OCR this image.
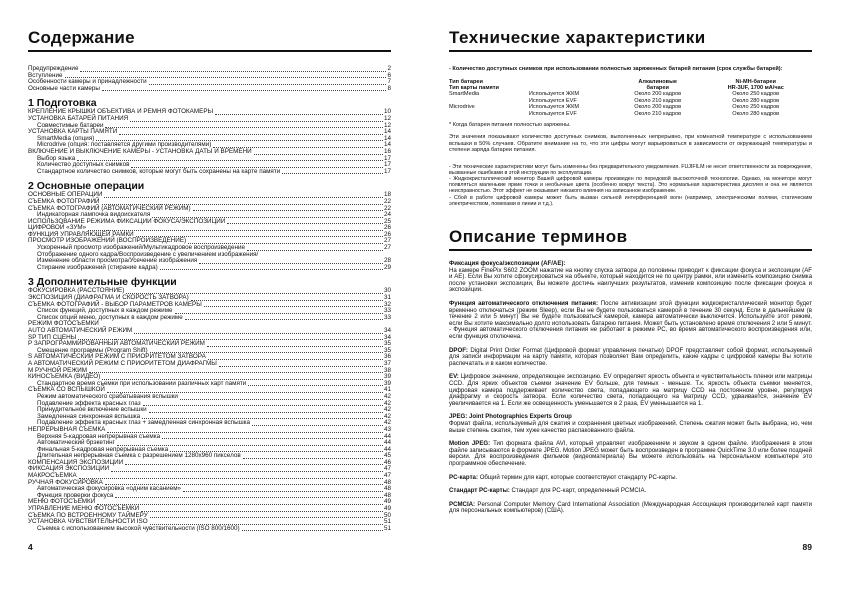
Содержание
Предупреждение	2
Вступление	6
Особенности камеры и принадлежности	7
Основные части камеры	8
1 Подготовка
КРЕПЛЕНИЕ КРЫШКИ ОБЪЕКТИВА И РЕМНЯ ФОТОКАМЕРЫ	10
УСТАНОВКА БАТАРЕЙ ПИТАНИЯ	12
Совместимые батареи	12
УСТАНОВКА КАРТЫ ПАМЯТИ	14
SmartMedia (опция)	14
Microdrive (опция: поставляется другими производителями)	14
ВКЛЮЧЕНИЕ И ВЫКЛЮЧЕНИЕ КАМЕРЫ - УСТАНОВКА ДАТЫ И ВРЕМЕНИ	16
Выбор языка	17
Количество доступных снимков	17
Стандартное количество снимков, которые могут быть сохранены на карте памяти	17
2 Основные операции
ОСНОВНЫЕ ОПЕРАЦИИ	18
СЪЕМКА ФОТОГРАФИЙ	22
СЪЕМКА ФОТОГРАФИЙ (АВТОМАТИЧЕСКИЙ РЕЖИМ)	22
Индикаторная лампочка видоискателя	24
ИСПОЛЬЗОВАНИЕ РЕЖИМА ФИКСАЦИИ ФОКУСА/ЭКСПОЗИЦИИ	25
ЦИФРОВОЙ «ЗУМ»	26
ФУНКЦИЯ УПРАВЛЯЮЩЕЙ РАМКИ	26
ПРОСМОТР ИЗОБРАЖЕНИЙ (ВОСПРОИЗВЕДЕНИЕ)	27
Ускоренный просмотр изображений/Мультикадровое воспроизведение	27
Отображение одного кадра/Воспроизведение с увеличением изображения/
Изменение области просмотра/Усечение изображения	28
Стирание изображений (стирание кадра)	29
3 Дополнительные функции
ФОКУСИРОВКА (РАССТОЯНИЕ)	30
ЭКСПОЗИЦИЯ (ДИАФРАГМА И СКОРОСТЬ ЗАТВОРА)	31
СЪЕМКА ФОТОГРАФИЙ - ВЫБОР ПАРАМЕТРОВ КАМЕРЫ	32
Список функций, доступных в каждом режиме	33
Список опций меню, доступных в каждом режиме	33
РЕЖИМ ФОТОСЪЕМКИ
AUTO АВТОМАТИЧЕСКИЙ РЕЖИМ	34
SP ТИП СЦЕНЫ	34
P ЗАПРОГРАММИРОВАННЫЙ АВТОМАТИЧЕСКИЙ РЕЖИМ	35
Смещение программы (Program Shift)	35
S АВТОМАТИЧЕСКИЙ РЕЖИМ С ПРИОРИТЕТОМ ЗАТВОРА	36
A АВТОМАТИЧЕСКИЙ РЕЖИМ С ПРИОРИТЕТОМ ДИАФРАГМЫ	37
M РУЧНОЙ РЕЖИМ	38
КИНОСЪЕМКА (ВИДЕО)	39
Стандартное время съемки при использовании различных карт памяти	39
СЪЕМКА СО ВСПЫШКОЙ	41
Режим автоматического срабатывания вспышки	42
Подавление эффекта красных глаз	42
Принудительное включение вспышки	42
Замедленная синхронная вспышка	42
Подавление эффекта красных глаз + замедленная синхронная вспышка	42
НЕПРЕРЫВНАЯ СЪЕМКА	43
Верхняя 5-кадровая непрерывная съемка	44
Автоматический брэкетинг	44
Финальная 5-кадровая непрерывная съемка	44
Длительная непрерывная съемка с разрешением 1280х960 пикселов	45
КОМПЕНСАЦИЯ ЭКСПОЗИЦИИ	46
ФИКСАЦИЯ ЭКСПОЗИЦИИ	47
МАКРОСЪЕМКА	47
РУЧНАЯ ФОКУСИРОВКА	48
Автоматическая фокусировка «одним касанием»	48
Функция проверки фокуса	48
МЕНЮ ФОТОСЪЕМКИ	49
УПРАВЛЕНИЕ МЕНЮ ФОТОСЪЕМКИ	49
СЪЕМКА ПО ВСТРОЕННОМУ ТАЙМЕРУ	50
УСТАНОВКА ЧУВСТВИТЕЛЬНОСТИ ISO	51
Съемка с использованием высокой чувствительности (ISO 800/1600)	51
4
Технические характеристики
- Количество доступных снимков при использовании полностью заряженных батарей питания (срок службы батарей):
Тип батареи		Алкалиновые	Ni-MH-батареи
Тип карты памяти		батареи	HR-3UF, 1700 мА/час
SmartMedia	Используется ЖКМ	Около 200 кадров	Около 250 кадров
	Используется EVF	Около 210 кадров	Около 280 кадров
Microdrive	Используется ЖКМ	Около 200 кадров	Около 250 кадров
	Используется EVF	Около 210 кадров	Около 280 кадров
* Когда батареи питания полностью заряжены.
Эти значения показывают количество доступных снимков, выполненных непрерывно, при комнатной температуре с использованием вспышки в 50% случаев. Обратите внимание на то, что эти цифры могут варьироваться в зависимости от окружающей температуры и степени заряда батареи питания.
- Эти технические характеристики могут быть изменены без предварительного уведомления. FUJIFILM не несет ответственности за повреждения, вызванные ошибками в этой инструкции по эксплуатации.
- Жидкокристаллический монитор Вашей цифровой камеры произведен по передовой высокоточной технологии. Однако, на мониторе могут появляться маленькие яркие точки и необычные цвета (особенно вокруг текста). Это нормальная характеристика дисплея и она не является неисправностью. Этот эффект не оказывает никакого влияния на записанное изображение.
- Сбой в работе цифровой камеры может быть вызван сильной интерференцией волн (например, электрическими полями, статическим электричеством, помехами в линии и т.д.).
Описание терминов
Фиксация фокуса/экспозиции (AF/AE):
На камере FinePix S602 ZOOM нажатие на кнопку спуска затвора до половины приводит к фиксации фокуса и экспозиции (AF и AE). Если Вы хотите сфокусироваться на объекте, который находится не по центру рамки, или изменить композицию снимка после установки экспозиции, Вы можете достичь наилучших результатов, изменив композицию после фиксации фокуса и экспозиции.
Функция автоматического отключения питания: После активизации этой функции жидкокристаллический монитор будет временно отключаться (режим Sleep), если Вы не будете пользоваться камерой в течение 30 секунд. Если в дальнейшем (в течение 2 или 5 минут) Вы не будете пользоваться камерой, камера автоматически выключится. Используйте этот режим, если Вы хотите максимально долго использовать батарею питания. Может быть установлено время отключения 2 или 5 минут. - Функция автоматического отключения питания не работает в режиме PC, во время автоматического воспроизведения или, если функция отключена.
DPOF: Digital Print Order Format (Цифровой формат управления печатью) DPOF представляет собой формат, используемый для записи информации на карту памяти, которая позволяет Вам определить, какие кадры с цифровой камеры Вы хотите распечатать и в каком количестве.
EV: Цифровое значение, определяющее экспозицию. EV определяет яркость объекта и чувствительность пленки или матрицы CCD. Для ярких объектов съемки значение EV больше, для темных - меньше. Т.к. яркость объекта съемки меняется, цифровая камера поддерживает количество света, попадающего на матрицу CCD на постоянном уровне, регулируя диафрагму и скорость затвора. Если количество света, попадающего на матрицу CCD, удваивается, значение EV увеличивается на 1. Если же освещенность уменьшается в 2 раза, EV уменьшается на 1.
JPEG: Joint Photographics Experts Group
Формат файла, используемый для сжатия и сохранения цветных изображений. Степень сжатия может быть выбрана, но, чем выше степень сжатия, тем хуже качество распакованного файла.
Motion JPEG: Тип формата файла AVI, который управляет изображением и звуком в одном файле. Изображения в этом файле записываются в формате JPEG. Motion JPEG может быть воспроизведен в программе QuickTime 3.0 или более поздней версии. Для воспроизведения фильмов (видеоматериала) Вы можете использовать на персональном компьютере это программное обеспечение.
PC-карта: Общий термин для карт, которые соответствуют стандарту PC-карты.
Стандарт PC-карты: Стандарт для PC-карт, определенный PCMCIA.
PCMCIA: Personal Computer Memory Card International Association (Международная Ассоциация производителей карт памяти для персональных компьютеров) (США).
89
